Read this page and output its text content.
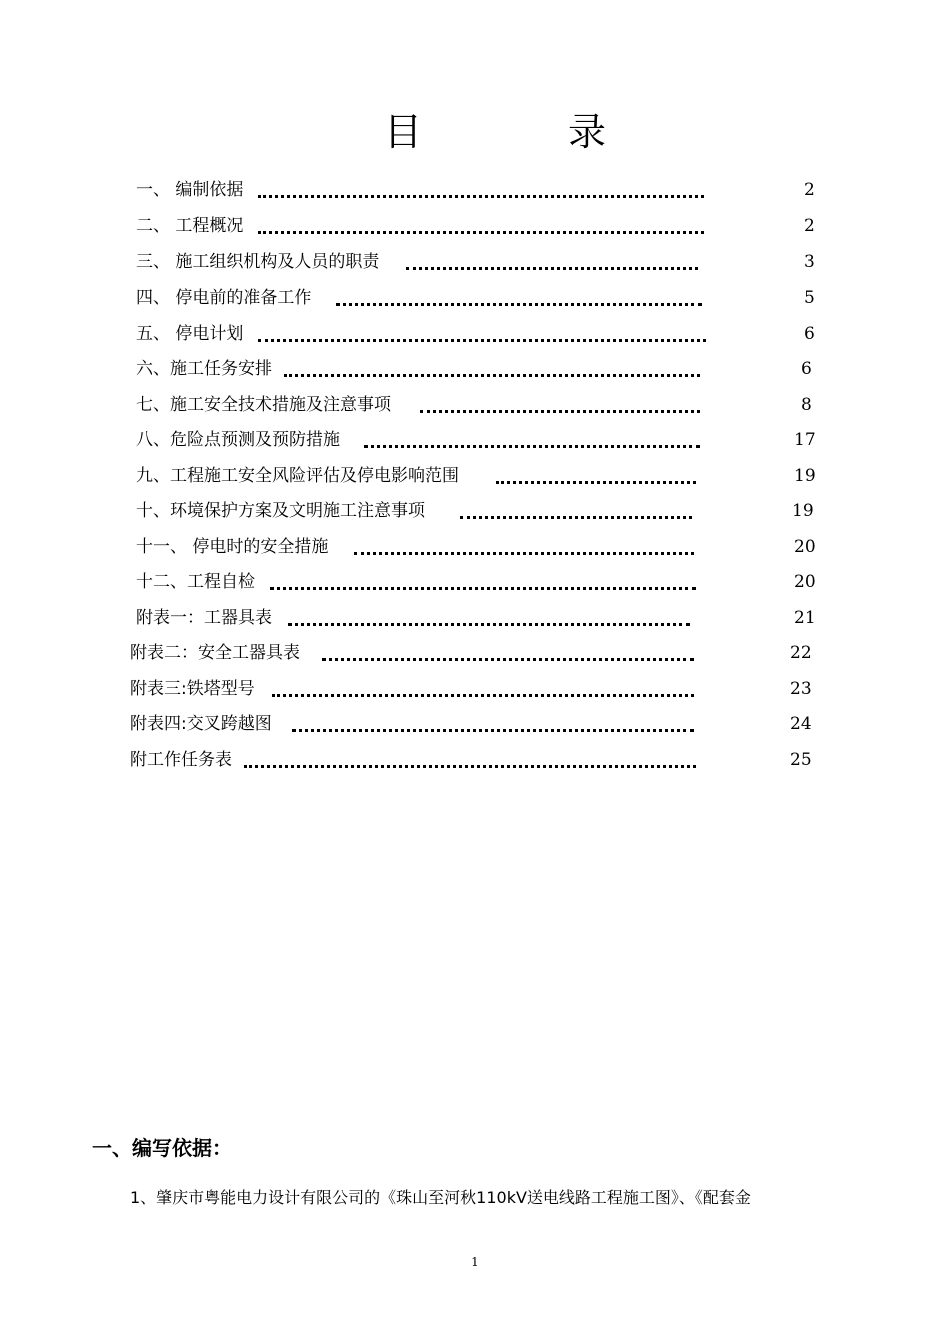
目	录
一、 编制依据	2
二、 工程概况	2
三、 施工组织机构及人员的职责	3
四、 停电前的准备工作	5
五、 停电计划	6
六、施工任务安排	6
七、施工安全技术措施及注意事项	8
八、危险点预测及预防措施	17
九、工程施工安全风险评估及停电影响范围	19
十、环境保护方案及文明施工注意事项	19
十一、 停电时的安全措施	20
十二、工程自检	20
附表一：工器具表	21
附表二：安全工器具表	22
附表三:铁塔型号	23
附表四:交叉跨越图	24
附工作任务表	25
一、编写依据：
1、肇庆市粤能电力设计有限公司的《珠山至河秋110kV送电线路工程施工图》、《配套金
1
